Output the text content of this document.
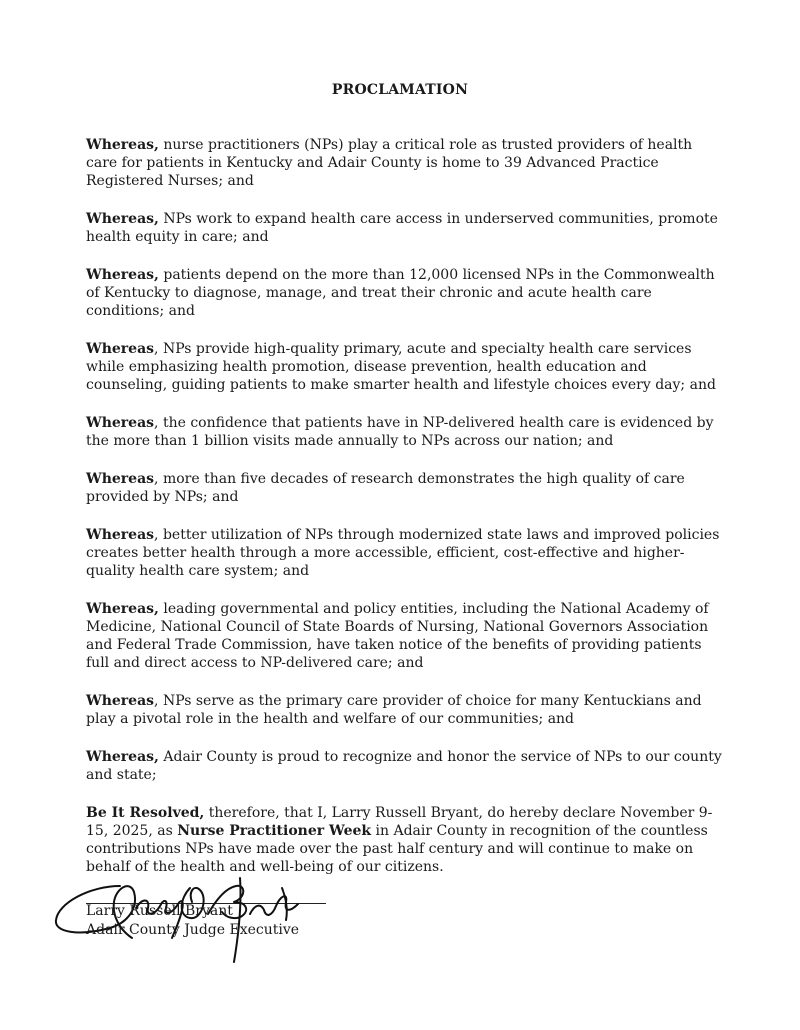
PROCLAMATION

Whereas, nurse practitioners (NPs) play a critical role as trusted providers of health care for patients in Kentucky and Adair County is home to 39 Advanced Practice Registered Nurses; and

Whereas, NPs work to expand health care access in underserved communities, promote health equity in care; and

Whereas, patients depend on the more than 12,000 licensed NPs in the Commonwealth of Kentucky to diagnose, manage, and treat their chronic and acute health care conditions; and

Whereas, NPs provide high-quality primary, acute and specialty health care services while emphasizing health promotion, disease prevention, health education and counseling, guiding patients to make smarter health and lifestyle choices every day; and

Whereas, the confidence that patients have in NP-delivered health care is evidenced by the more than 1 billion visits made annually to NPs across our nation; and

Whereas, more than five decades of research demonstrates the high quality of care provided by NPs; and

Whereas, better utilization of NPs through modernized state laws and improved policies creates better health through a more accessible, efficient, cost-effective and higher-quality health care system; and

Whereas, leading governmental and policy entities, including the National Academy of Medicine, National Council of State Boards of Nursing, National Governors Association and Federal Trade Commission, have taken notice of the benefits of providing patients full and direct access to NP-delivered care; and

Whereas, NPs serve as the primary care provider of choice for many Kentuckians and play a pivotal role in the health and welfare of our communities; and

Whereas, Adair County is proud to recognize and honor the service of NPs to our county and state;

Be It Resolved, therefore, that I, Larry Russell Bryant, do hereby declare November 9-15, 2025, as Nurse Practitioner Week in Adair County in recognition of the countless contributions NPs have made over the past half century and will continue to make on behalf of the health and well-being of our citizens.

Larry Russell Bryant
Adair County Judge Executive
